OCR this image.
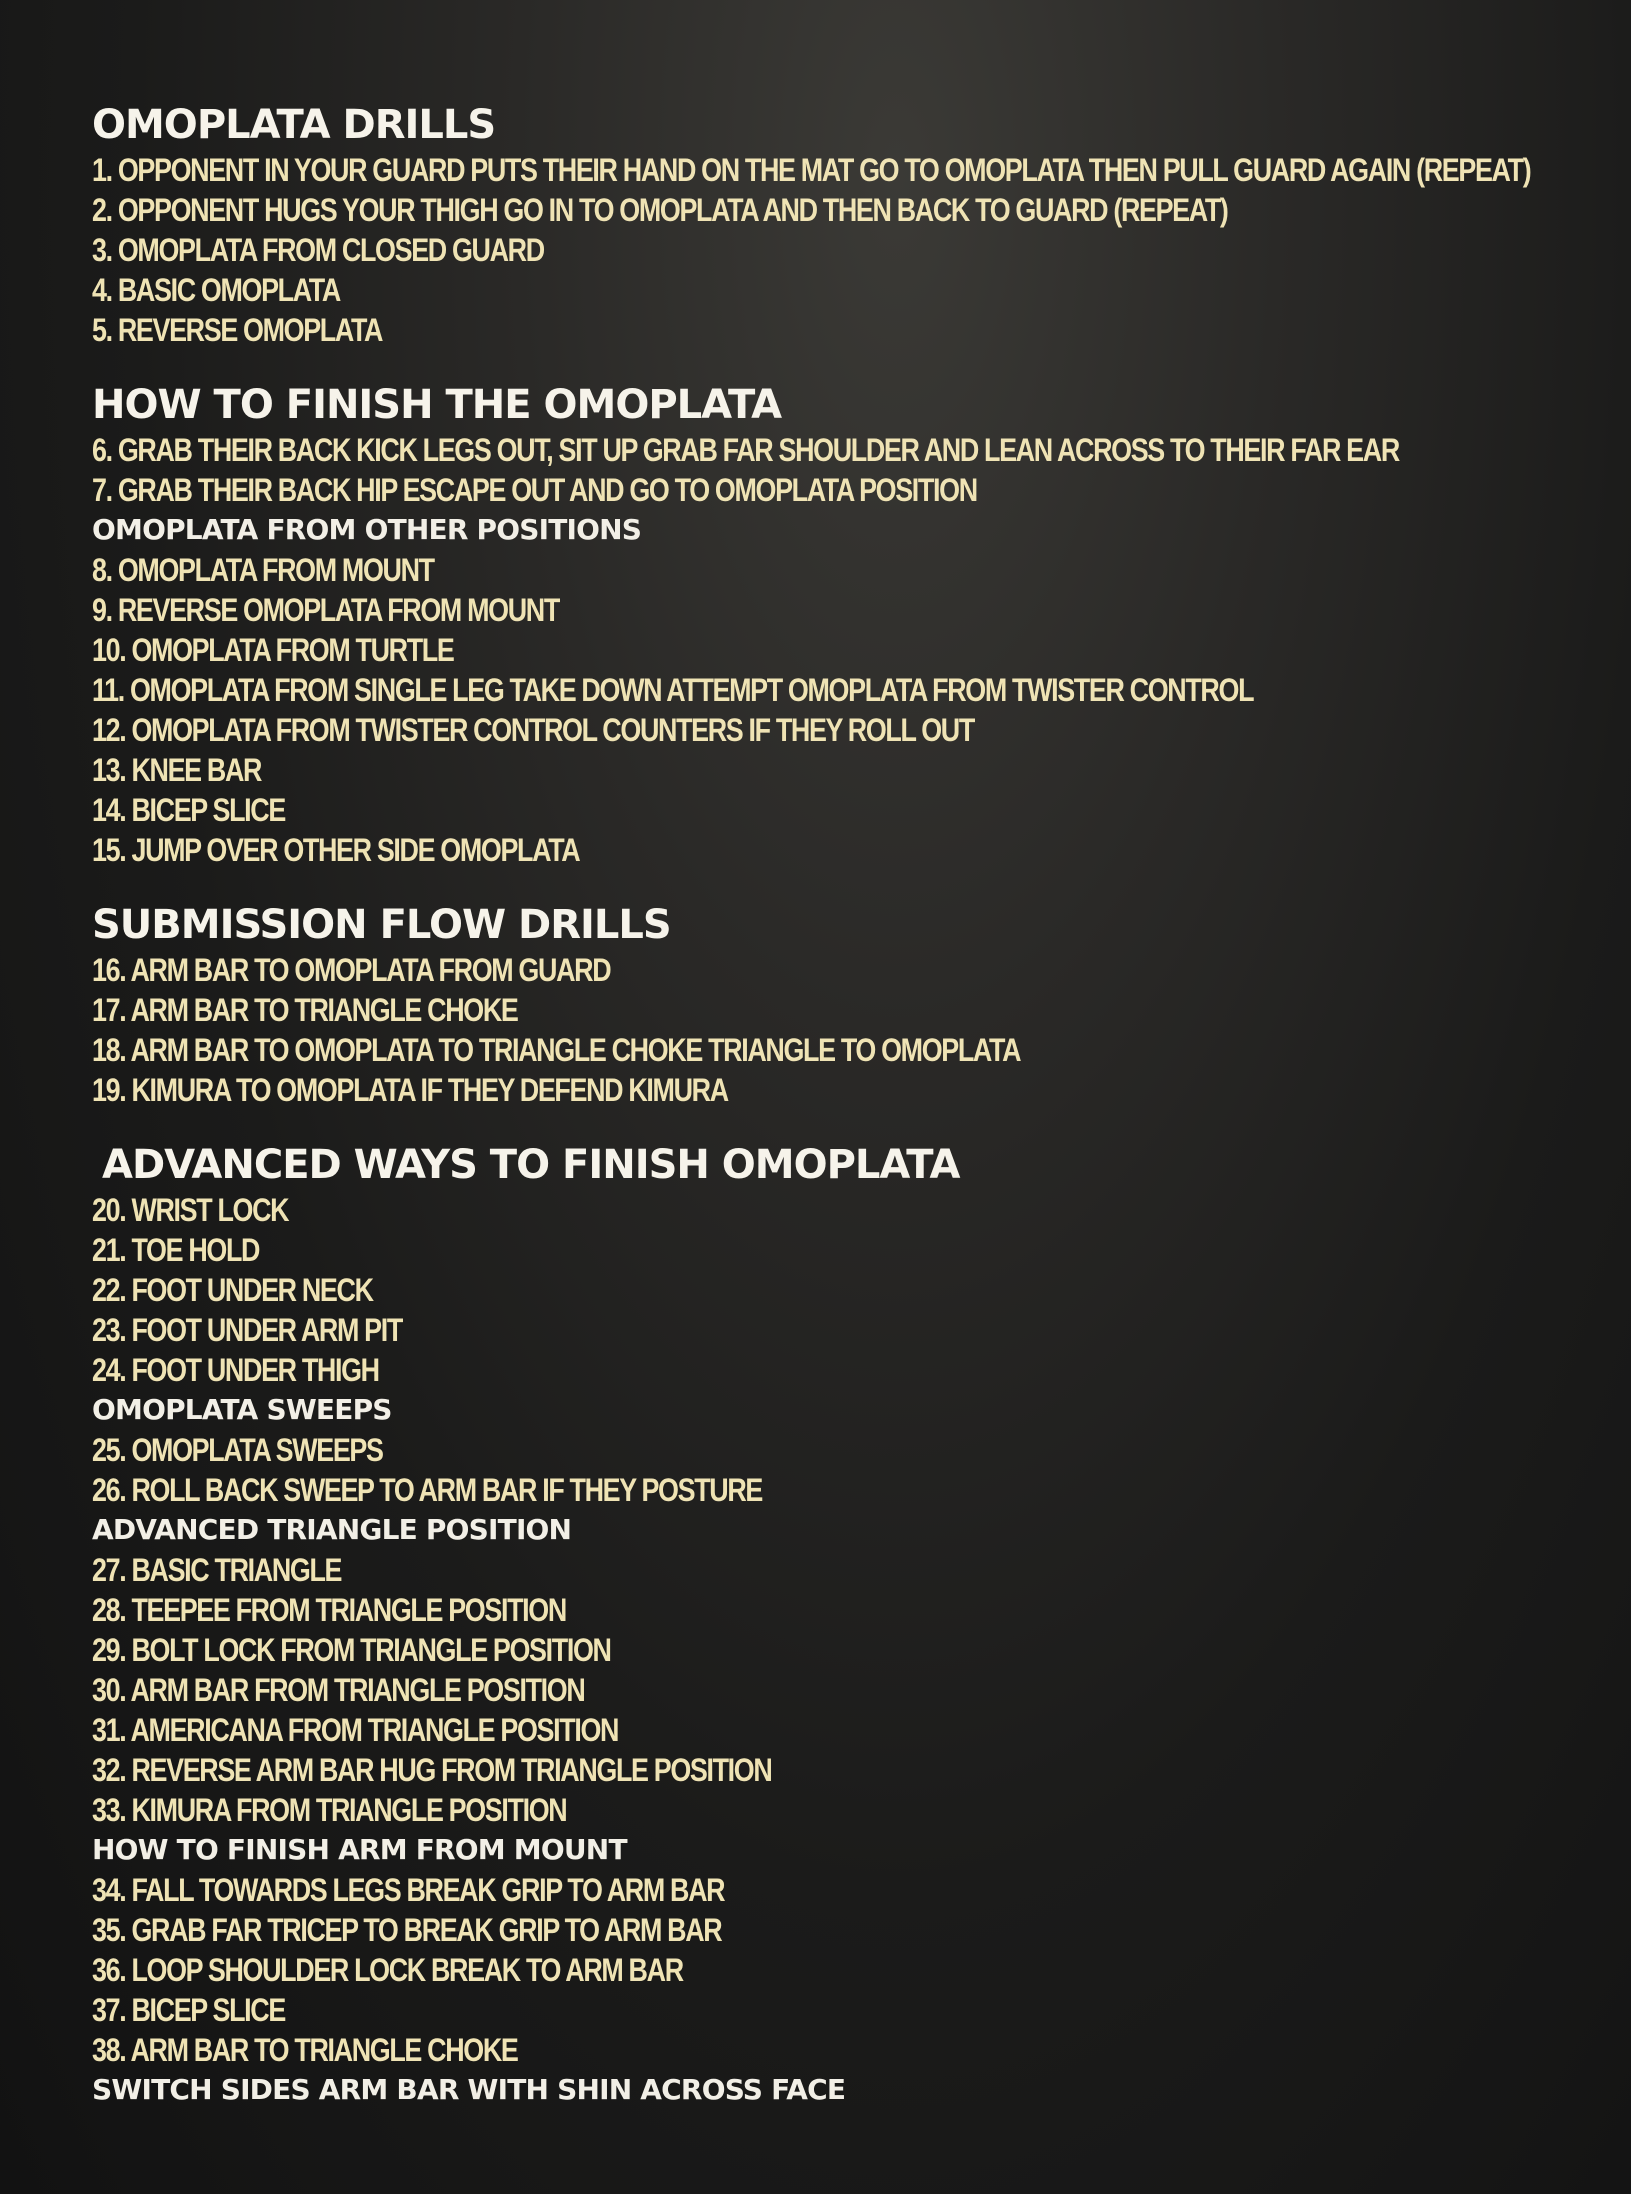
OMOPLATA DRILLS
1. OPPONENT IN YOUR GUARD PUTS THEIR HAND ON THE MAT GO TO OMOPLATA THEN PULL GUARD AGAIN (REPEAT)
2. OPPONENT HUGS YOUR THIGH GO IN TO OMOPLATA AND THEN BACK TO GUARD (REPEAT)
3. OMOPLATA FROM CLOSED GUARD
4. BASIC OMOPLATA
5. REVERSE OMOPLATA
HOW TO FINISH THE OMOPLATA
6. GRAB THEIR BACK KICK LEGS OUT, SIT UP GRAB FAR SHOULDER AND LEAN ACROSS TO THEIR FAR EAR
7. GRAB THEIR BACK HIP ESCAPE OUT AND GO TO OMOPLATA POSITION
OMOPLATA FROM OTHER POSITIONS
8. OMOPLATA FROM MOUNT
9. REVERSE OMOPLATA FROM MOUNT
10. OMOPLATA FROM TURTLE
11. OMOPLATA FROM SINGLE LEG TAKE DOWN ATTEMPT OMOPLATA FROM TWISTER CONTROL
12. OMOPLATA FROM TWISTER CONTROL COUNTERS IF THEY ROLL OUT
13. KNEE BAR
14. BICEP SLICE
15. JUMP OVER OTHER SIDE OMOPLATA
SUBMISSION FLOW DRILLS
16. ARM BAR TO OMOPLATA FROM GUARD
17. ARM BAR TO TRIANGLE CHOKE
18. ARM BAR TO OMOPLATA TO TRIANGLE CHOKE TRIANGLE TO OMOPLATA
19. KIMURA TO OMOPLATA IF THEY DEFEND KIMURA
ADVANCED WAYS TO FINISH OMOPLATA
20. WRIST LOCK
21. TOE HOLD
22. FOOT UNDER NECK
23. FOOT UNDER ARM PIT
24. FOOT UNDER THIGH
OMOPLATA SWEEPS
25. OMOPLATA SWEEPS
26. ROLL BACK SWEEP TO ARM BAR IF THEY POSTURE
ADVANCED TRIANGLE POSITION
27. BASIC TRIANGLE
28. TEEPEE FROM TRIANGLE POSITION
29. BOLT LOCK FROM TRIANGLE POSITION
30. ARM BAR FROM TRIANGLE POSITION
31. AMERICANA FROM TRIANGLE POSITION
32. REVERSE ARM BAR HUG FROM TRIANGLE POSITION
33. KIMURA FROM TRIANGLE POSITION
HOW TO FINISH ARM FROM MOUNT
34. FALL TOWARDS LEGS BREAK GRIP TO ARM BAR
35. GRAB FAR TRICEP TO BREAK GRIP TO ARM BAR
36. LOOP SHOULDER LOCK BREAK TO ARM BAR
37. BICEP SLICE
38. ARM BAR TO TRIANGLE CHOKE
SWITCH SIDES ARM BAR WITH SHIN ACROSS FACE
